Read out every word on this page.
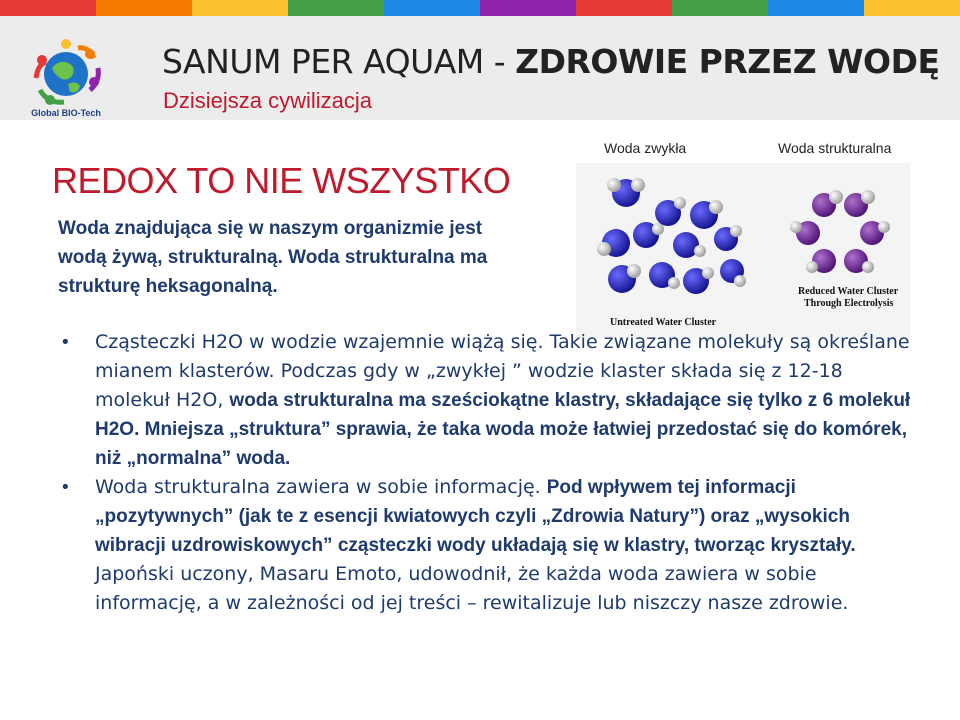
Global BIO-Tech
SANUM PER AQUAM - ZDROWIE PRZEZ WODĘ
Dzisiejsza cywilizacja
REDOX TO NIE WSZYSTKO
Woda znajdująca się w naszym organizmie jest wodą żywą, strukturalną. Woda strukturalna ma strukturę heksagonalną.
Woda zwykła	Woda strukturalna
Untreated Water Cluster
Reduced Water Cluster
Through Electrolysis
• Cząsteczki H2O w wodzie wzajemnie wiążą się. Takie związane molekuły są określane mianem klasterów. Podczas gdy w „zwykłej ” wodzie klaster składa się z 12-18 molekuł H2O, woda strukturalna ma sześciokątne klastry, składające się tylko z 6 molekuł H2O. Mniejsza „struktura” sprawia, że taka woda może łatwiej przedostać się do komórek, niż „normalna” woda.
• Woda strukturalna zawiera w sobie informację. Pod wpływem tej informacji „pozytywnych” (jak te z esencji kwiatowych czyli „Zdrowia Natury”) oraz „wysokich wibracji uzdrowiskowych” cząsteczki wody układają się w klastry, tworząc kryształy. Japoński uczony, Masaru Emoto, udowodnił, że każda woda zawiera w sobie informację, a w zależności od jej treści – rewitalizuje lub niszczy nasze zdrowie.
